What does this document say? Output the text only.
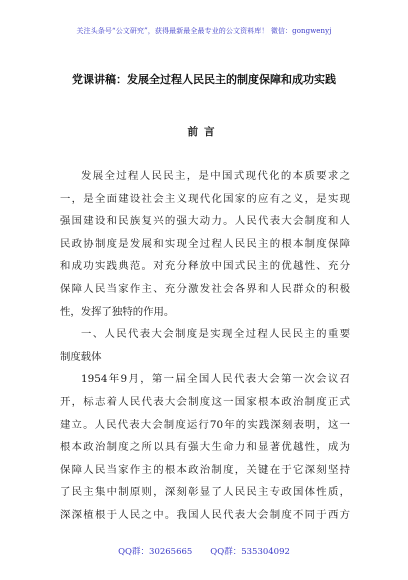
关注头条号“公文研究”，获得最新最全最专业的公文资料库！ 微信：gongwenyj
党课讲稿：发展全过程人民民主的制度保障和成功实践
前言
发展全过程人民民主，是中国式现代化的本质要求之
一，是全面建设社会主义现代化国家的应有之义，是实现
强国建设和民族复兴的强大动力。人民代表大会制度和人
民政协制度是发展和实现全过程人民民主的根本制度保障
和成功实践典范。对充分释放中国式民主的优越性、充分
保障人民当家作主、充分激发社会各界和人民群众的积极
性，发挥了独特的作用。
一、人民代表大会制度是实现全过程人民民主的重要
制度载体
1954年9月，第一届全国人民代表大会第一次会议召
开，标志着人民代表大会制度这一国家根本政治制度正式
建立。人民代表大会制度运行70年的实践深刻表明，这一
根本政治制度之所以具有强大生命力和显著优越性，成为
保障人民当家作主的根本政治制度，关键在于它深刻坚持
了民主集中制原则，深刻彰显了人民民主专政国体性质，
深深植根于人民之中。我国人民代表大会制度不同于西方
QQ群：30265665 QQ群：535304092
